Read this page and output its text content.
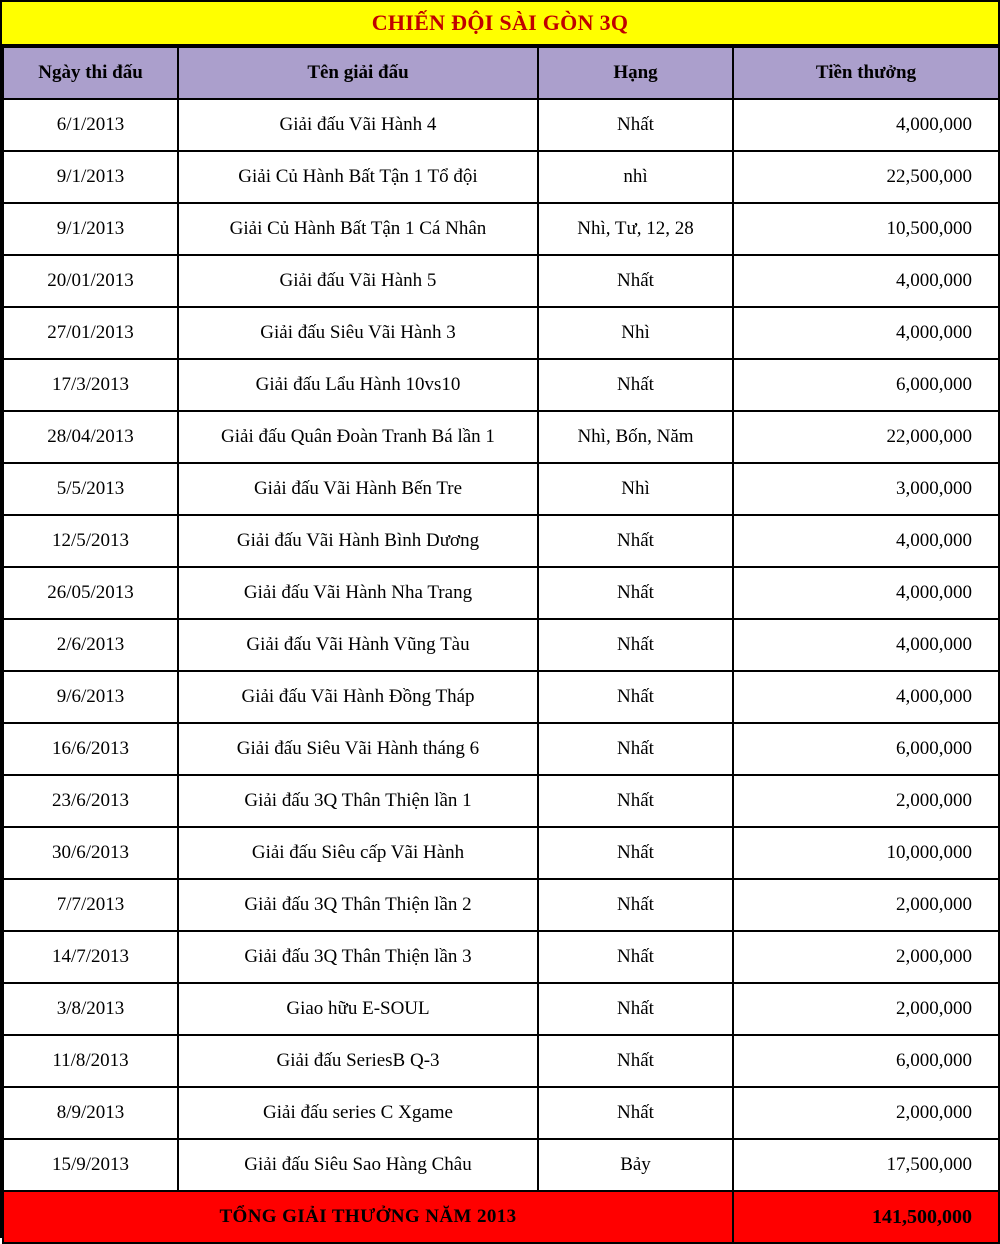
CHIẾN ĐỘI SÀI GÒN 3Q
Ngày thi đấu	Tên giải đấu	Hạng	Tiền thưởng
6/1/2013	Giải đấu Vãi Hành 4	Nhất	4,000,000
9/1/2013	Giải Củ Hành Bất Tận 1 Tổ đội	nhì	22,500,000
9/1/2013	Giải Củ Hành Bất Tận 1 Cá Nhân	Nhì, Tư, 12, 28	10,500,000
20/01/2013	Giải đấu Vãi Hành 5	Nhất	4,000,000
27/01/2013	Giải đấu Siêu Vãi Hành 3	Nhì	4,000,000
17/3/2013	Giải đấu Lẩu Hành 10vs10	Nhất	6,000,000
28/04/2013	Giải đấu Quân Đoàn Tranh Bá lần 1	Nhì, Bốn, Năm	22,000,000
5/5/2013	Giải đấu Vãi Hành Bến Tre	Nhì	3,000,000
12/5/2013	Giải đấu Vãi Hành Bình Dương	Nhất	4,000,000
26/05/2013	Giải đấu Vãi Hành Nha Trang	Nhất	4,000,000
2/6/2013	Giải đấu Vãi Hành Vũng Tàu	Nhất	4,000,000
9/6/2013	Giải đấu Vãi Hành Đồng Tháp	Nhất	4,000,000
16/6/2013	Giải đấu Siêu Vãi Hành tháng 6	Nhất	6,000,000
23/6/2013	Giải đấu 3Q Thân Thiện lần 1	Nhất	2,000,000
30/6/2013	Giải đấu Siêu cấp Vãi Hành	Nhất	10,000,000
7/7/2013	Giải đấu 3Q Thân Thiện lần 2	Nhất	2,000,000
14/7/2013	Giải đấu 3Q Thân Thiện lần 3	Nhất	2,000,000
3/8/2013	Giao hữu E-SOUL	Nhất	2,000,000
11/8/2013	Giải đấu SeriesB Q-3	Nhất	6,000,000
8/9/2013	Giải đấu series C Xgame	Nhất	2,000,000
15/9/2013	Giải đấu Siêu Sao Hàng Châu	Bảy	17,500,000
TỔNG GIẢI THƯỞNG NĂM 2013			141,500,000
